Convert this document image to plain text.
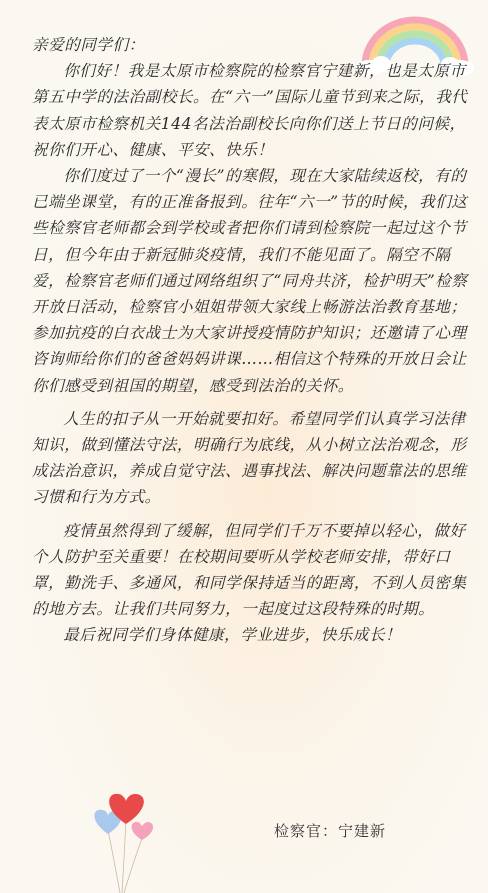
亲爱的同学们：

你们好！我是太原市检察院的检察官宁建新，也是太原市第五中学的法治副校长。在“六一”国际儿童节到来之际，我代表太原市检察机关144名法治副校长向你们送上节日的问候，祝你们开心、健康、平安、快乐！

你们度过了一个“漫长”的寒假，现在大家陆续返校，有的已端坐课堂，有的正准备报到。往年“六一”节的时候，我们这些检察官老师都会到学校或者把你们请到检察院一起过这个节日，但今年由于新冠肺炎疫情，我们不能见面了。隔空不隔爱，检察官老师们通过网络组织了“同舟共济，检护明天”检察开放日活动，检察官小姐姐带领大家线上畅游法治教育基地；参加抗疫的白衣战士为大家讲授疫情防护知识；还邀请了心理咨询师给你们的爸爸妈妈讲课……相信这个特殊的开放日会让你们感受到祖国的期望，感受到法治的关怀。

人生的扣子从一开始就要扣好。希望同学们认真学习法律知识，做到懂法守法，明确行为底线，从小树立法治观念，形成法治意识，养成自觉守法、遇事找法、解决问题靠法的思维习惯和行为方式。

疫情虽然得到了缓解，但同学们千万不要掉以轻心，做好个人防护至关重要！在校期间要听从学校老师安排，带好口罩，勤洗手、多通风，和同学保持适当的距离，不到人员密集的地方去。让我们共同努力，一起度过这段特殊的时期。

最后祝同学们身体健康，学业进步，快乐成长！

检察官：宁建新
